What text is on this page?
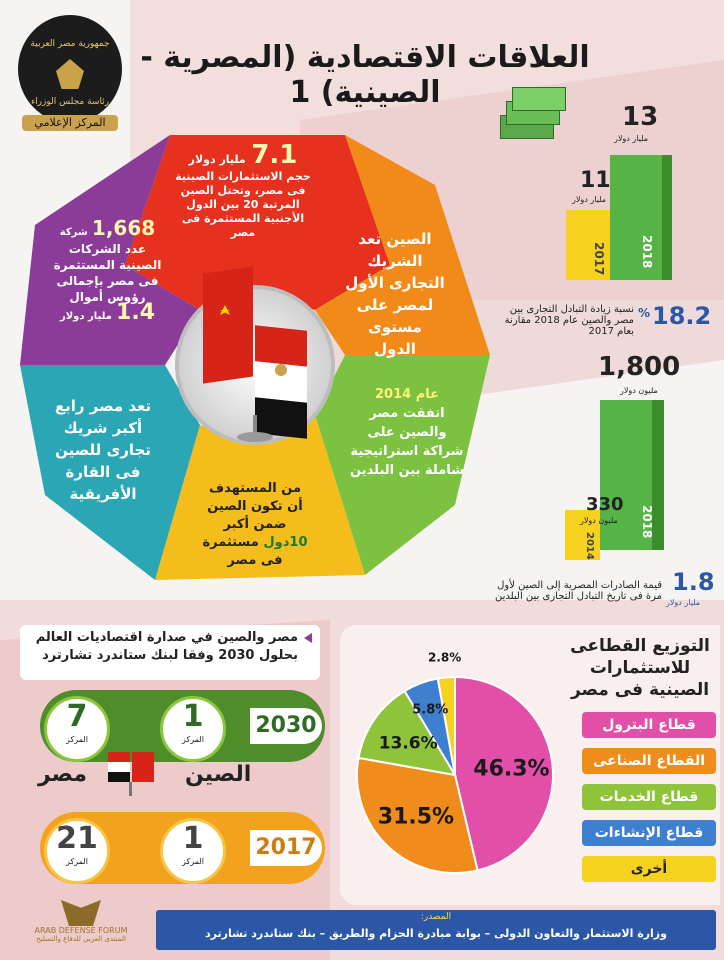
جمهورية مصر العربية
رئاسة مجلس الوزراء
المركز الإعلامي
العلاقات الاقتصادية (المصرية - الصينية) 1
7.1 مليار دولار
حجم الاستثمارات الصينية فى مصر، وتحتل الصين المرتبة 20 بين الدول الأجنبية المستثمرة فى مصر	الصين تعد الشريك التجارى الأول لمصر على مستوى الدول
عام 2014
اتفقت مصر والصين على شراكة استراتيجية شاملة بين البلدين
من المستهدف أن تكون الصين ضمن أكبر 10دول مستثمرة فى مصر
تعد مصر رابع أكبر شريك تجارى للصين فى القارة الأفريقية
1,668 شركة
عدد الشركات الصينية المستثمرة فى مصر بإجمالى رؤوس أموال
1.4 مليار دولار
13
مليار دولار
2018
11
مليار دولار
2017
18.2
%
نسبة زيادة التبادل التجارى بين مصر والصين عام 2018 مقارنة بعام 2017
1,800
مليون دولار
2018
330
مليون دولار
2014
1.8
مليار دولار
قيمة الصادرات المصرية إلى الصين لأول مرة فى تاريخ التبادل التجارى بين البلدين
مصر والصين في صدارة اقتصاديات العالم بحلول 2030 وفقا لبنك ستاندرد تشارترد
1
المركز
7
المركز
2030
الصين
مصر
1
المركز
21
المركز
2017
التوزيع القطاعى للاستثمارات الصينية فى مصر
46.3%
31.5%
13.6%
5.8%
2.8%
قطاع البترول
القطاع الصناعى
قطاع الخدمات
قطاع الإنشاءات
أخرى
المصدر:
وزارة الاستثمار والتعاون الدولى – بوابة مبادرة الحزام والطريق – بنك ستاندرد تشارترد
ARAB DEFENSE FORUM
المنتدى العربي للدفاع والتسليح
